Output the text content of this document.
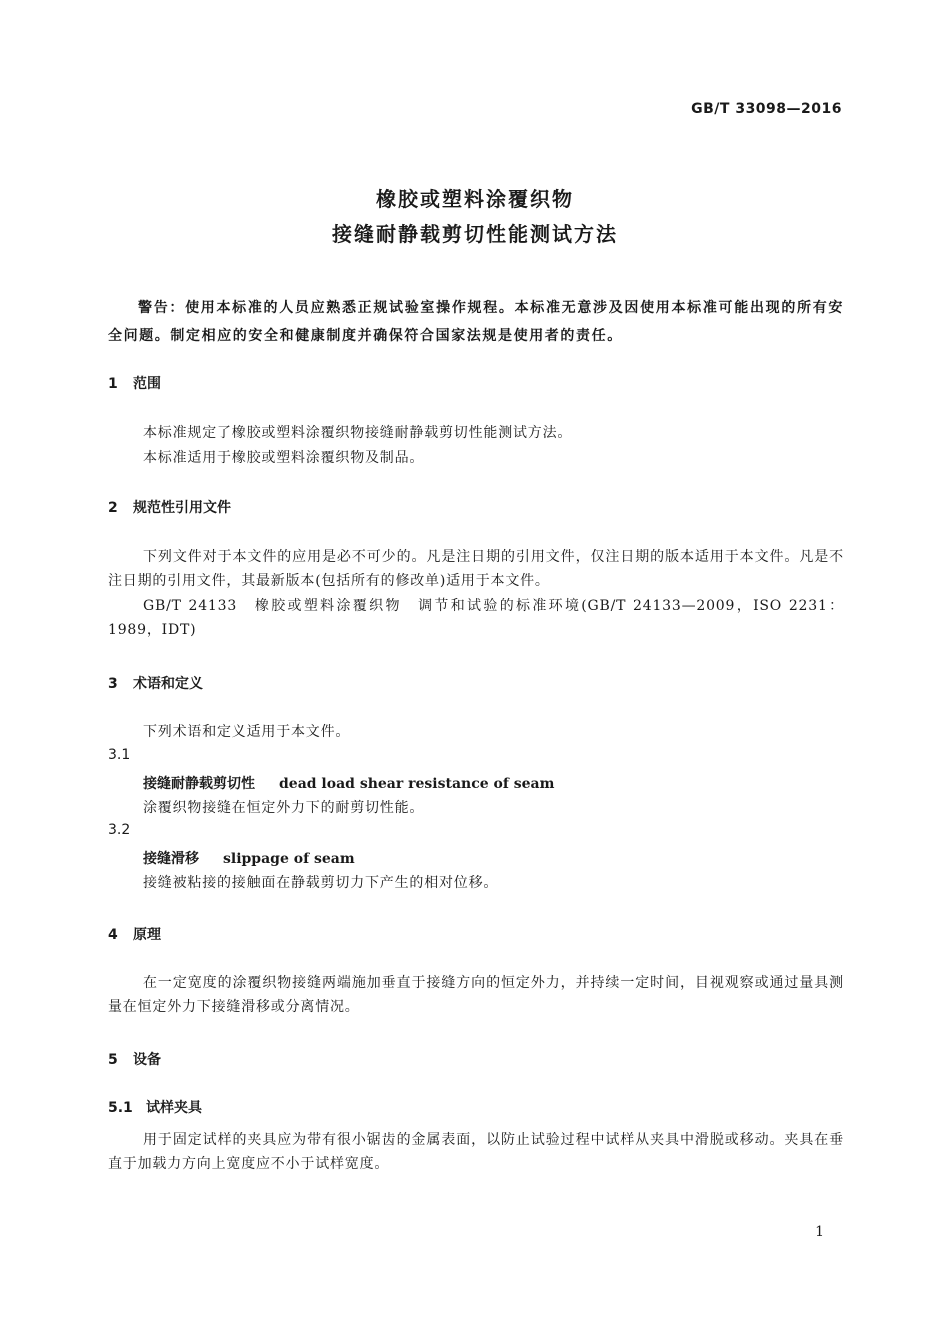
GB/T 33098—2016
橡胶或塑料涂覆织物
接缝耐静载剪切性能测试方法
警告：使用本标准的人员应熟悉正规试验室操作规程。本标准无意涉及因使用本标准可能出现的所有安全问题。制定相应的安全和健康制度并确保符合国家法规是使用者的责任。
1 范围
本标准规定了橡胶或塑料涂覆织物接缝耐静载剪切性能测试方法。
本标准适用于橡胶或塑料涂覆织物及制品。
2 规范性引用文件
下列文件对于本文件的应用是必不可少的。凡是注日期的引用文件，仅注日期的版本适用于本文件。凡是不注日期的引用文件，其最新版本(包括所有的修改单)适用于本文件。
GB/T 24133　橡胶或塑料涂覆织物　调节和试验的标准环境(GB/T 24133—2009，ISO 2231：1989，IDT)
3 术语和定义
下列术语和定义适用于本文件。
3.1
接缝耐静载剪切性 dead load shear resistance of seam
涂覆织物接缝在恒定外力下的耐剪切性能。
3.2
接缝滑移 slippage of seam
接缝被粘接的接触面在静载剪切力下产生的相对位移。
4 原理
在一定宽度的涂覆织物接缝两端施加垂直于接缝方向的恒定外力，并持续一定时间，目视观察或通过量具测量在恒定外力下接缝滑移或分离情况。
5 设备
5.1 试样夹具
用于固定试样的夹具应为带有很小锯齿的金属表面，以防止试验过程中试样从夹具中滑脱或移动。夹具在垂直于加载力方向上宽度应不小于试样宽度。
1
